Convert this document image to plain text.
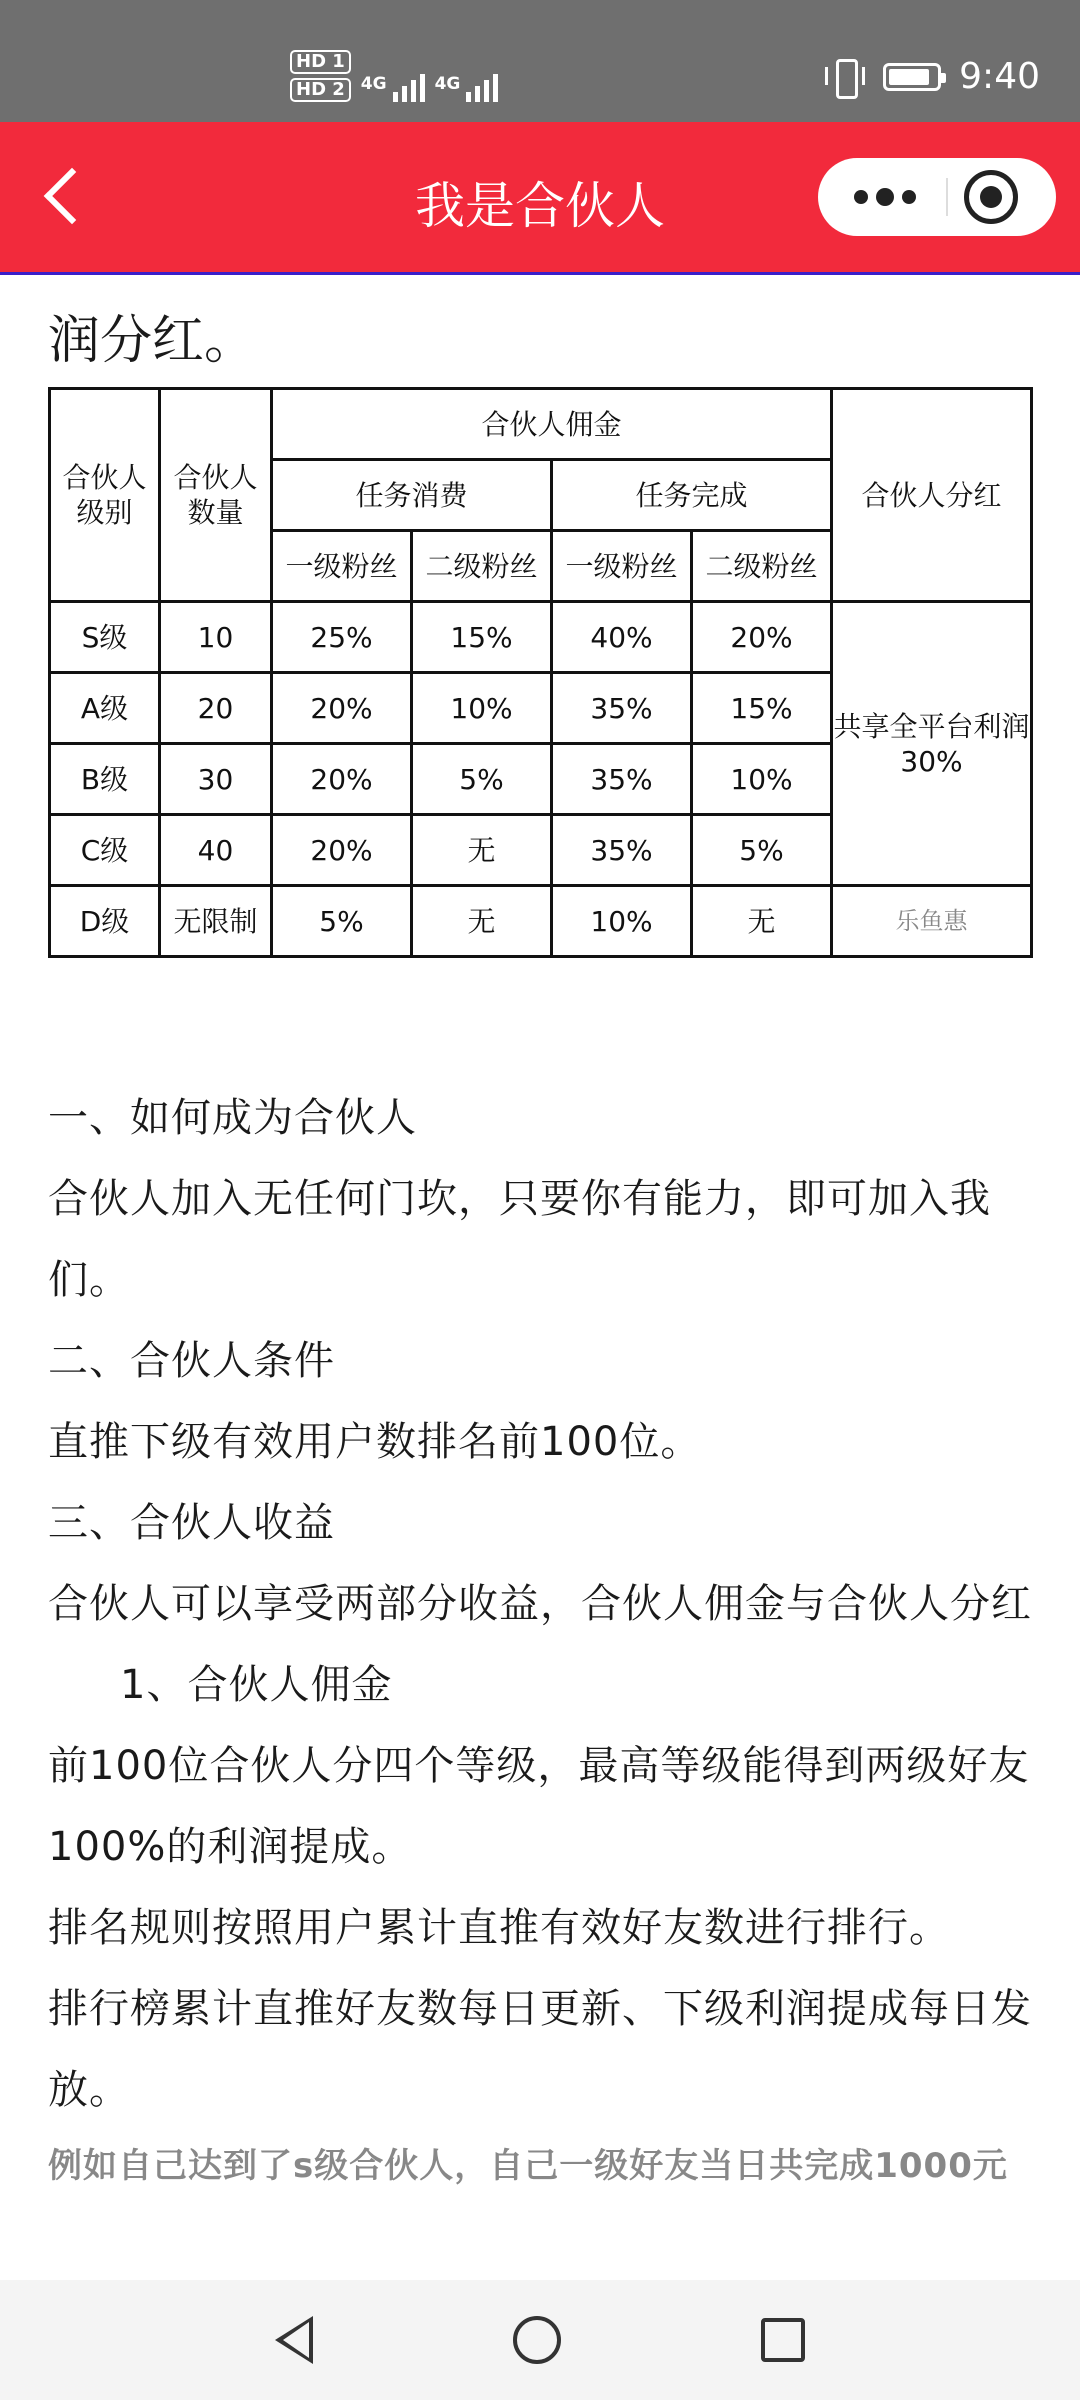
HD 1
HD 2 4G	4G	9:40
我是合伙人
润分红。
合伙人级别	合伙人数量	合伙人佣金				合伙人分红
		任务消费		任务完成		
		一级粉丝	二级粉丝	一级粉丝	二级粉丝	
S级	10	25%	15%	40%	20%	共享全平台利润30%
A级	20	20%	10%	35%	15%	
B级	30	20%	5%	35%	10%	
C级	40	20%	无	35%	5%	
D级	无限制	5%	无	10%	无	乐鱼惠

一、如何成为合伙人

合伙人加入无任何门坎，只要你有能力，即可加入我们。

二、合伙人条件

直推下级有效用户数排名前100位。

三、合伙人收益

合伙人可以享受两部分收益，合伙人佣金与合伙人分红

1、合伙人佣金

前100位合伙人分四个等级，最高等级能得到两级好友100%的利润提成。

排名规则按照用户累计直推有效好友数进行排行。

排行榜累计直推好友数每日更新、下级利润提成每日发放。

例如自己达到了s级合伙人，自己一级好友当日共完成1000元
